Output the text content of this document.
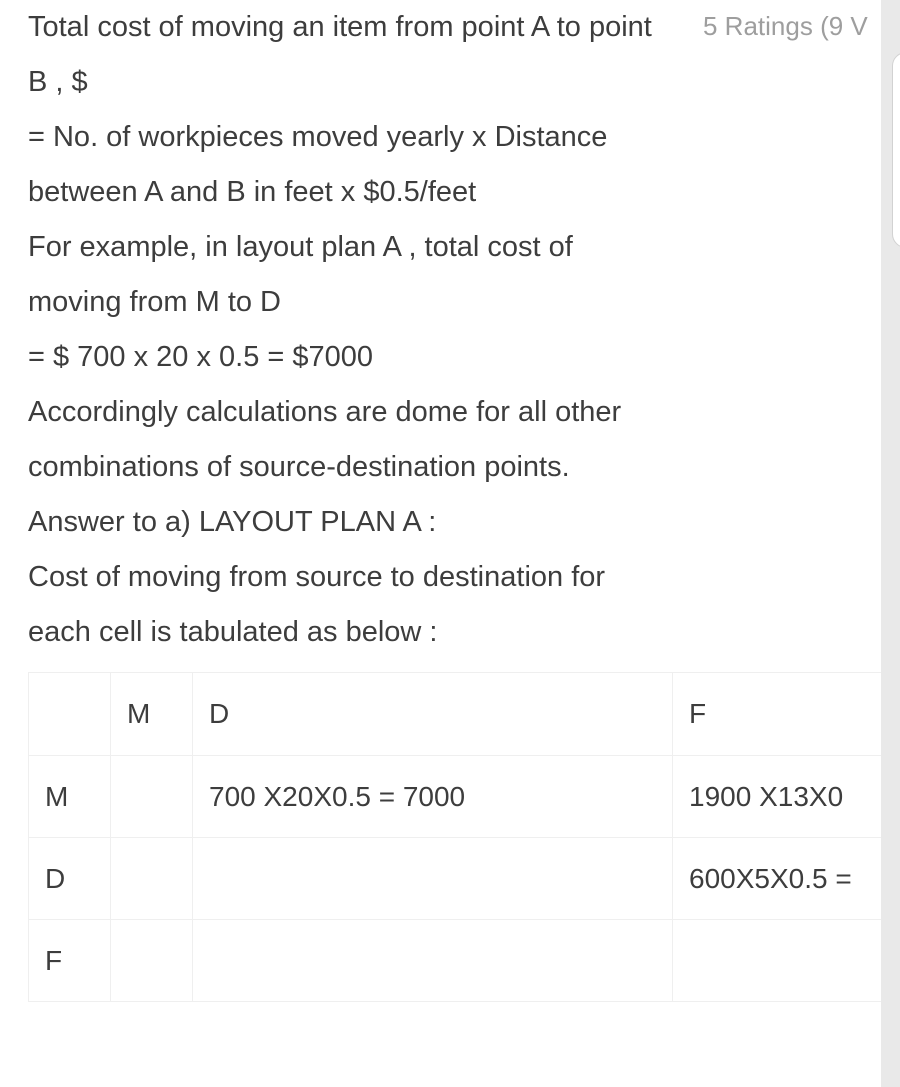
Total cost of moving an item from point A to point
B , $
= No. of workpieces moved yearly x Distance
between A and B in feet x $0.5/feet
For example, in layout plan A , total cost of
moving from M to D
= $ 700 x 20 x 0.5 = $7000
Accordingly calculations are dome for all other
combinations of source-destination points.
Answer to a) LAYOUT PLAN A :
Cost of moving from source to destination for
each cell is tabulated as below :
	M	D	F
M		700 X20X0.5 = 7000	1900 X13X0
D			600X5X0.5 =
F			
5 Ratings (9 V
